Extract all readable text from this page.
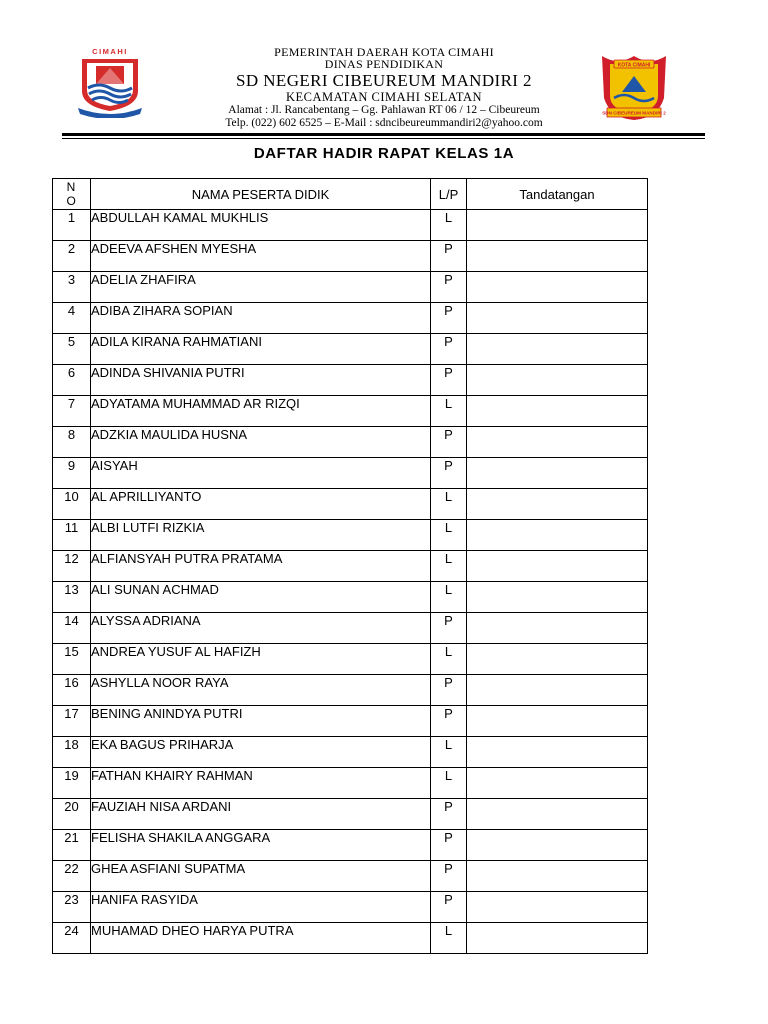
CIMAHI
KOTA CIMAHI
SDN CIBEUREUM MANDIRI 2
PEMERINTAH DAERAH KOTA CIMAHI
DINAS PENDIDIKAN
SD NEGERI CIBEUREUM MANDIRI 2
KECAMATAN CIMAHI SELATAN
Alamat : Jl. Rancabentang – Gg. Pahlawan RT 06 / 12 – Cibeureum
Telp. (022) 602 6525 – E-Mail : sdncibeureummandiri2@yahoo.com
DAFTAR HADIR RAPAT KELAS 1A
NO	NAMA PESERTA DIDIK	L/P	Tandatangan
1	ABDULLAH KAMAL MUKHLIS	L	
2	ADEEVA AFSHEN MYESHA	P	
3	ADELIA ZHAFIRA	P	
4	ADIBA ZIHARA SOPIAN	P	
5	ADILA KIRANA RAHMATIANI	P	
6	ADINDA SHIVANIA PUTRI	P	
7	ADYATAMA MUHAMMAD AR RIZQI	L	
8	ADZKIA MAULIDA HUSNA	P	
9	AISYAH	P	
10	AL APRILLIYANTO	L	
11	ALBI LUTFI RIZKIA	L	
12	ALFIANSYAH PUTRA PRATAMA	L	
13	ALI SUNAN ACHMAD	L	
14	ALYSSA ADRIANA	P	
15	ANDREA YUSUF AL HAFIZH	L	
16	ASHYLLA NOOR RAYA	P	
17	BENING ANINDYA PUTRI	P	
18	EKA BAGUS PRIHARJA	L	
19	FATHAN KHAIRY RAHMAN	L	
20	FAUZIAH NISA ARDANI	P	
21	FELISHA SHAKILA ANGGARA	P	
22	GHEA ASFIANI SUPATMA	P	
23	HANIFA RASYIDA	P	
24	MUHAMAD DHEO HARYA PUTRA	L	
